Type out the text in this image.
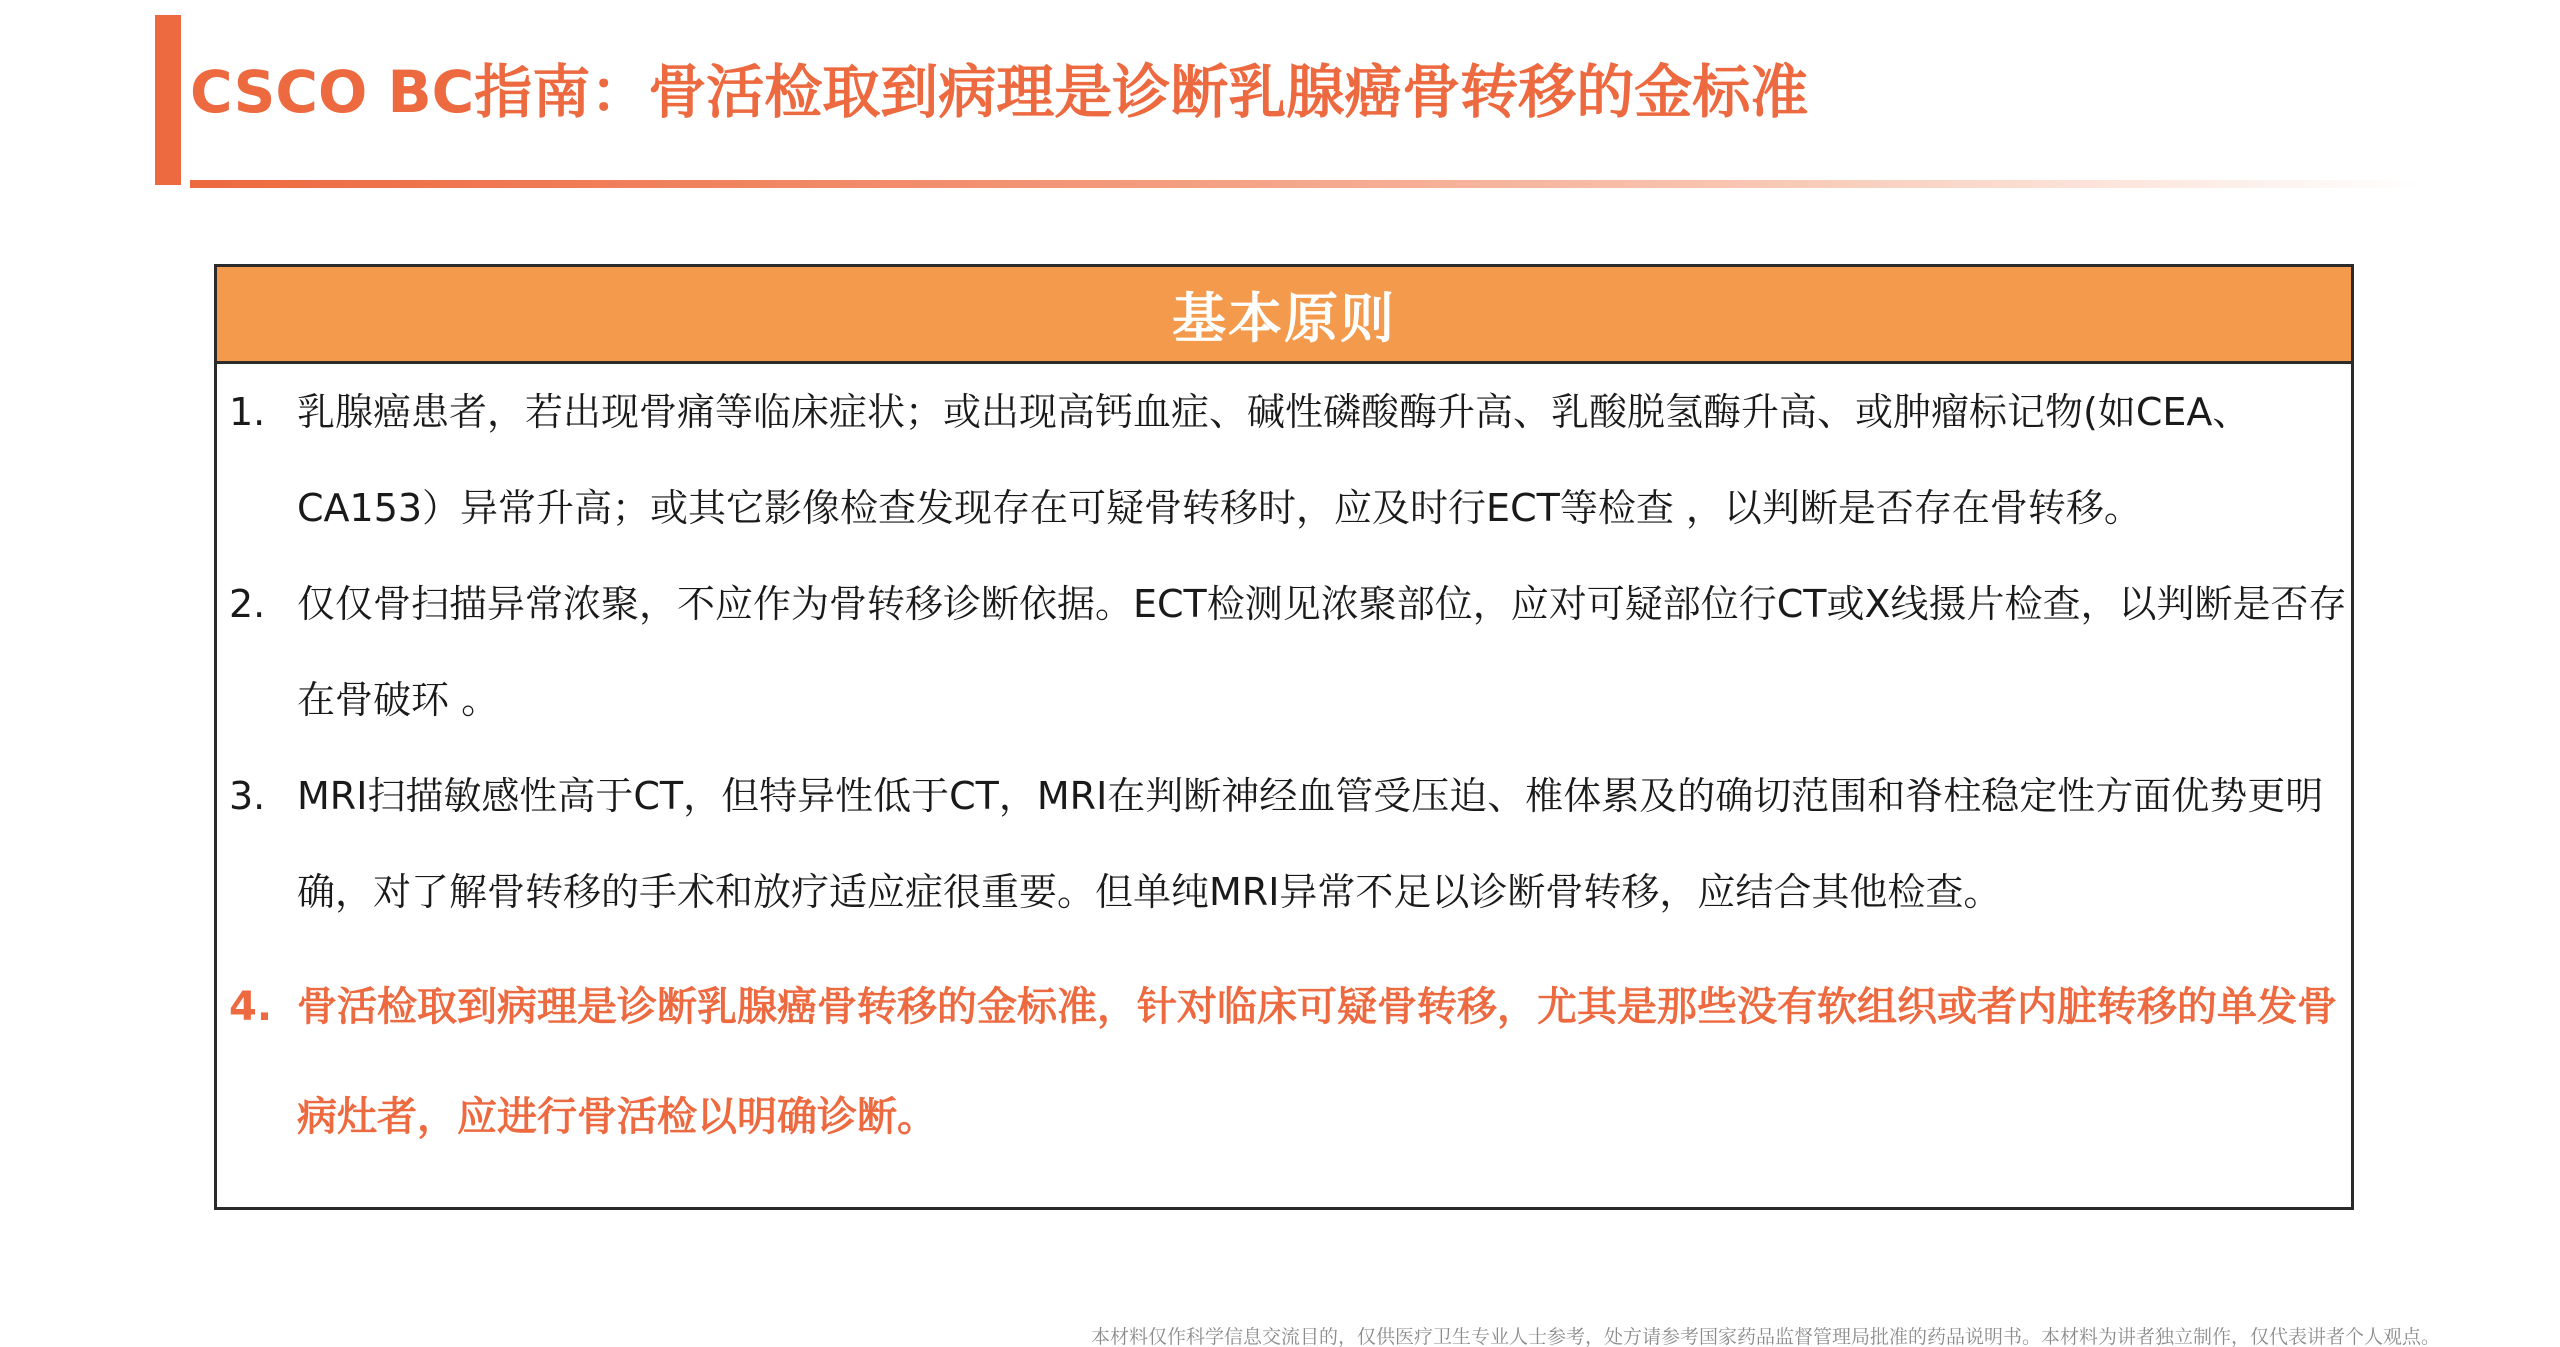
CSCO BC指南：骨活检取到病理是诊断乳腺癌骨转移的金标准
基本原则
1. 乳腺癌患者，若出现骨痛等临床症状；或出现高钙血症、碱性磷酸酶升高、乳酸脱氢酶升高、或肿瘤标记物(如CEA、CA153）异常升高；或其它影像检查发现存在可疑骨转移时，应及时行ECT等检查 ，以判断是否存在骨转移。
2. 仅仅骨扫描异常浓聚，不应作为骨转移诊断依据。ECT检测见浓聚部位，应对可疑部位行CT或X线摄片检查，以判断是否存在骨破环 。
3. MRI扫描敏感性高于CT，但特异性低于CT，MRI在判断神经血管受压迫、椎体累及的确切范围和脊柱稳定性方面优势更明确，对了解骨转移的手术和放疗适应症很重要。但单纯MRI异常不足以诊断骨转移，应结合其他检查。
4. 骨活检取到病理是诊断乳腺癌骨转移的金标准，针对临床可疑骨转移，尤其是那些没有软组织或者内脏转移的单发骨病灶者，应进行骨活检以明确诊断。
本材料仅作科学信息交流目的，仅供医疗卫生专业人士参考，处方请参考国家药品监督管理局批准的药品说明书。本材料为讲者独立制作，仅代表讲者个人观点。
